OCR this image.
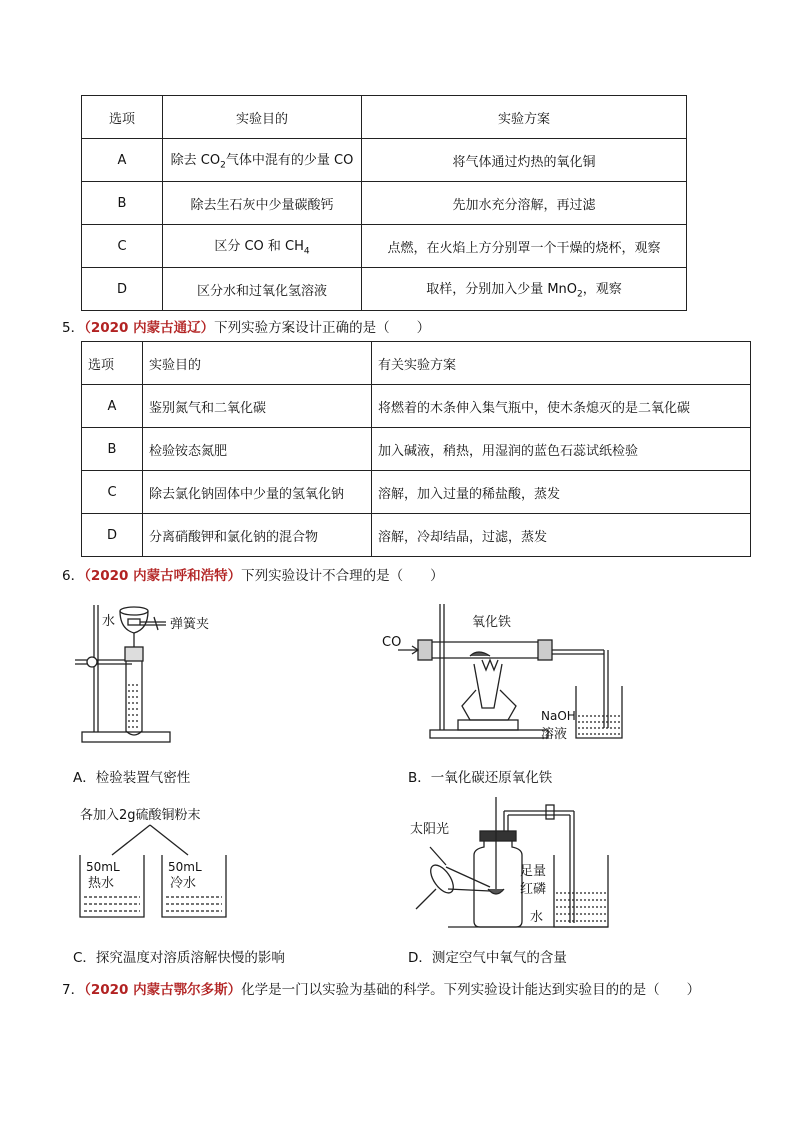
选项	实验目的	实验方案
A	除去 $CO_2$气体中混有的少量 CO	将气体通过灼热的氧化铜
B	除去生石灰中少量碳酸钙	先加水充分溶解，再过滤
C	区分 CO 和 $CH_4$	点燃，在火焰上方分别罩一个干燥的烧杯，观察
D	区分水和过氧化氢溶液	取样，分别加入少量 MnO$_2$，观察
5．（2020 内蒙古通辽）下列实验方案设计正确的是（　　）
选项	实验目的	有关实验方案
A	鉴别氮气和二氧化碳	将燃着的木条伸入集气瓶中，使木条熄灭的是二氧化碳
B	检验铵态氮肥	加入碱液，稍热，用湿润的蓝色石蕊试纸检验
C	除去氯化钠固体中少量的氢氧化钠	溶解，加入过量的稀盐酸，蒸发
D	分离硝酸钾和氯化钠的混合物	溶解，冷却结晶，过滤，蒸发
6．（2020 内蒙古呼和浩特）下列实验设计不合理的是（　　）
水	弹簧夹
A．检验装置气密性
CO
氧化铁
NaOH
溶液
B．一氧化碳还原氧化铁
各加入2g硫酸铜粉末
50mL
热水
50mL
冷水
C．探究温度对溶质溶解快慢的影响
太阳光
足量
红磷
水
D．测定空气中氧气的含量
7．（2020 内蒙古鄂尔多斯）化学是一门以实验为基础的科学。下列实验设计能达到实验目的的是（　　）
